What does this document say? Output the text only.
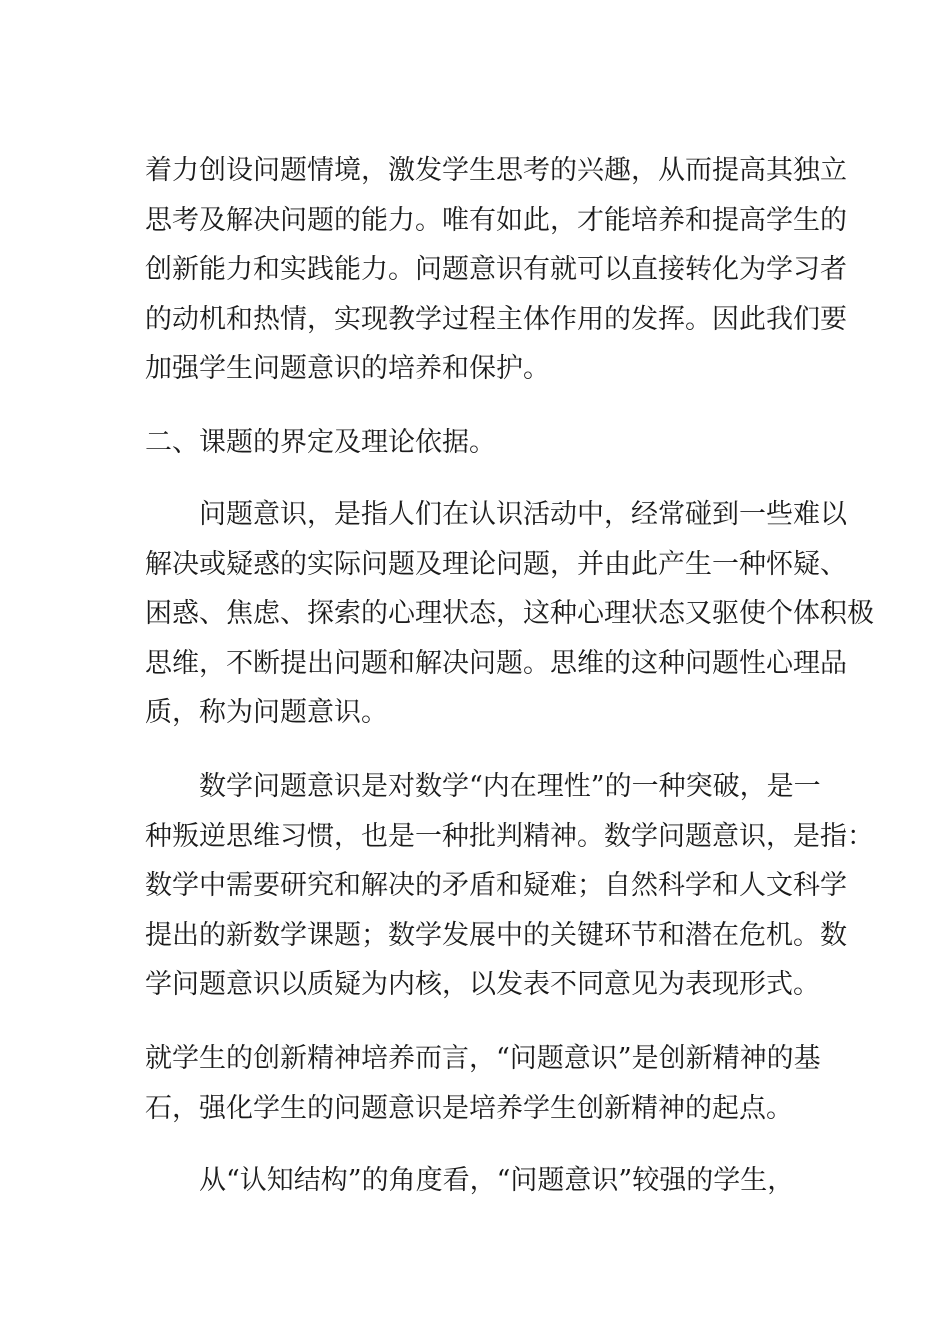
着力创设问题情境，激发学生思考的兴趣，从而提高其独立
思考及解决问题的能力。唯有如此，才能培养和提高学生的
创新能力和实践能力。问题意识有就可以直接转化为学习者
的动机和热情，实现教学过程主体作用的发挥。因此我们要
加强学生问题意识的培养和保护。
二、课题的界定及理论依据。
问题意识，是指人们在认识活动中，经常碰到一些难以
解决或疑惑的实际问题及理论问题，并由此产生一种怀疑、
困惑、焦虑、探索的心理状态，这种心理状态又驱使个体积极
思维，不断提出问题和解决问题。思维的这种问题性心理品
质，称为问题意识。
数学问题意识是对数学“内在理性”的一种突破，是一
种叛逆思维习惯，也是一种批判精神。数学问题意识，是指：
数学中需要研究和解决的矛盾和疑难；自然科学和人文科学
提出的新数学课题；数学发展中的关键环节和潜在危机。数
学问题意识以质疑为内核，以发表不同意见为表现形式。
就学生的创新精神培养而言，“问题意识”是创新精神的基
石，强化学生的问题意识是培养学生创新精神的起点。
从“认知结构”的角度看，“问题意识”较强的学生，
